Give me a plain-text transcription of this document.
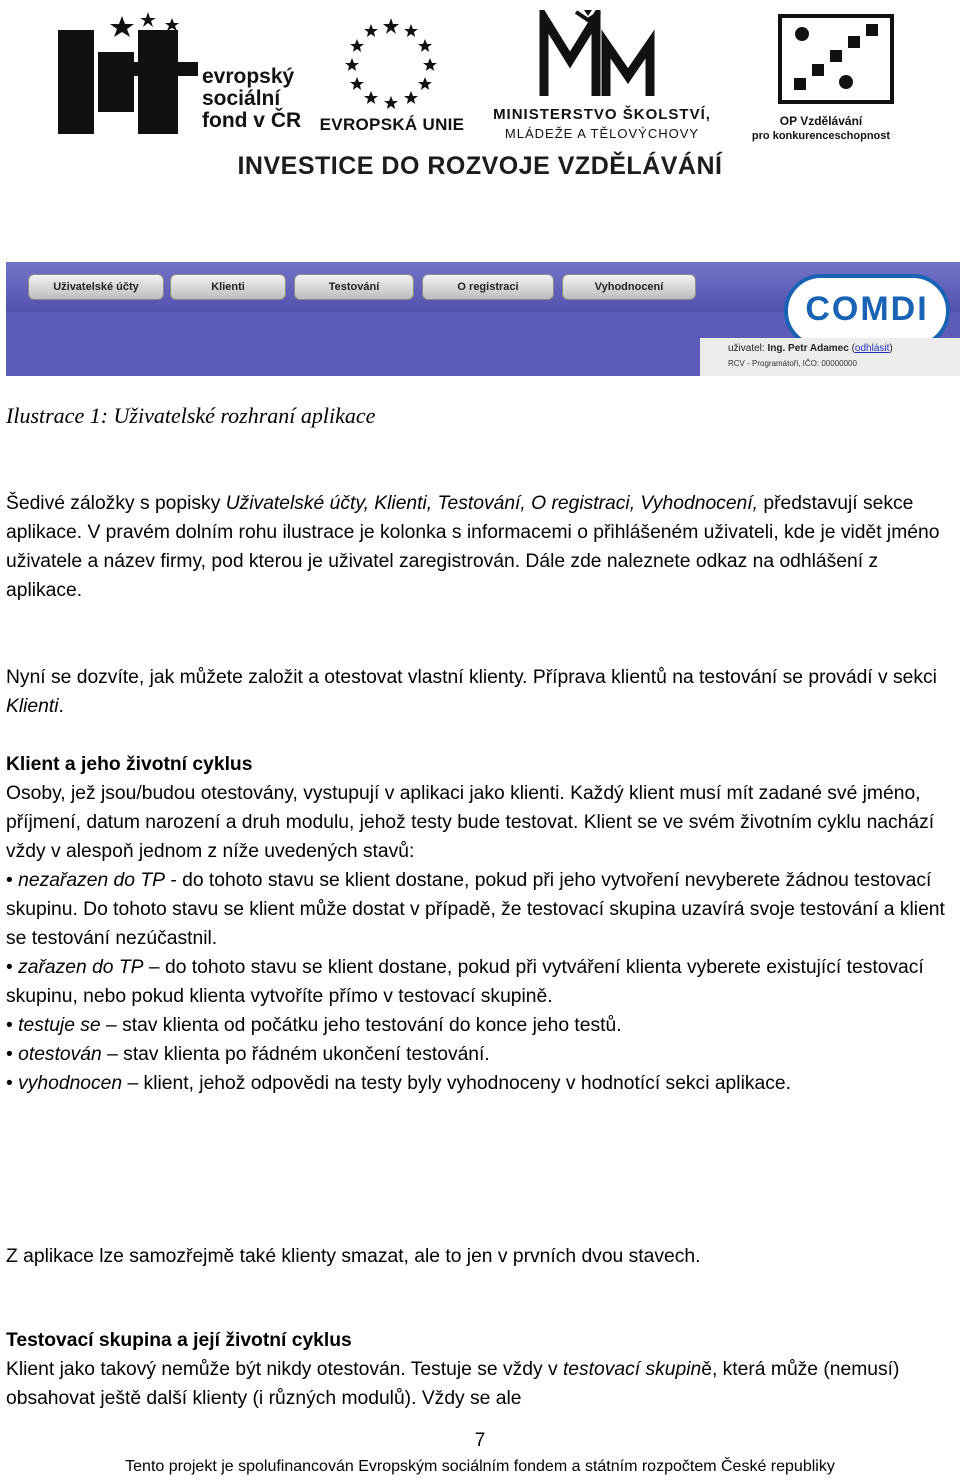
evropský
sociální
fond v ČR EVROPSKÁ UNIE
MINISTERSTVO ŠKOLSTVÍ,
MLÁDEŽE A TĚLOVÝCHOVY
OP Vzdělávání
pro konkurenceschopnost
INVESTICE DO ROZVOJE VZDĚLÁVÁNÍ
Uživatelské účty	Klienti	Testování	O registraci	Vyhodnocení
COMDI
uživatel: Ing. Petr Adamec (odhlásit)
RCV - Programátoři, IČO: 00000000
Ilustrace 1: Uživatelské rozhraní aplikace
Šedivé záložky s popisky Uživatelské účty, Klienti, Testování, O registraci, Vyhodnocení, představují sekce aplikace. V pravém dolním rohu ilustrace je kolonka s informacemi o přihlášeném uživateli, kde je vidět jméno uživatele a název firmy, pod kterou je uživatel zaregistrován. Dále zde naleznete odkaz na odhlášení z aplikace.
Nyní se dozvíte, jak můžete založit a otestovat vlastní klienty. Příprava klientů na testování se provádí v sekci Klienti.
Klient a jeho životní cyklus
Osoby, jež jsou/budou otestovány, vystupují v aplikaci jako klienti. Každý klient musí mít zadané své jméno, příjmení, datum narození a druh modulu, jehož testy bude testovat. Klient se ve svém životním cyklu nachází vždy v alespoň jednom z níže uvedených stavů:
• nezařazen do TP - do tohoto stavu se klient dostane, pokud při jeho vytvoření nevyberete žádnou testovací skupinu. Do tohoto stavu se klient může dostat v případě, že testovací skupina uzavírá svoje testování a klient se testování nezúčastnil.
• zařazen do TP – do tohoto stavu se klient dostane, pokud při vytváření klienta vyberete existující testovací skupinu, nebo pokud klienta vytvoříte přímo v testovací skupině.
• testuje se – stav klienta od počátku jeho testování do konce jeho testů.
• otestován – stav klienta po řádném ukončení testování.
• vyhodnocen – klient, jehož odpovědi na testy byly vyhodnoceny v hodnotící sekci aplikace.
Z aplikace lze samozřejmě také klienty smazat, ale to jen v prvních dvou stavech.
Testovací skupina a její životní cyklus
Klient jako takový nemůže být nikdy otestován. Testuje se vždy v testovací skupině, která může (nemusí) obsahovat ještě další klienty (i různých modulů). Vždy se ale
7
Tento projekt je spolufinancován Evropským sociálním fondem a státním rozpočtem České republiky
